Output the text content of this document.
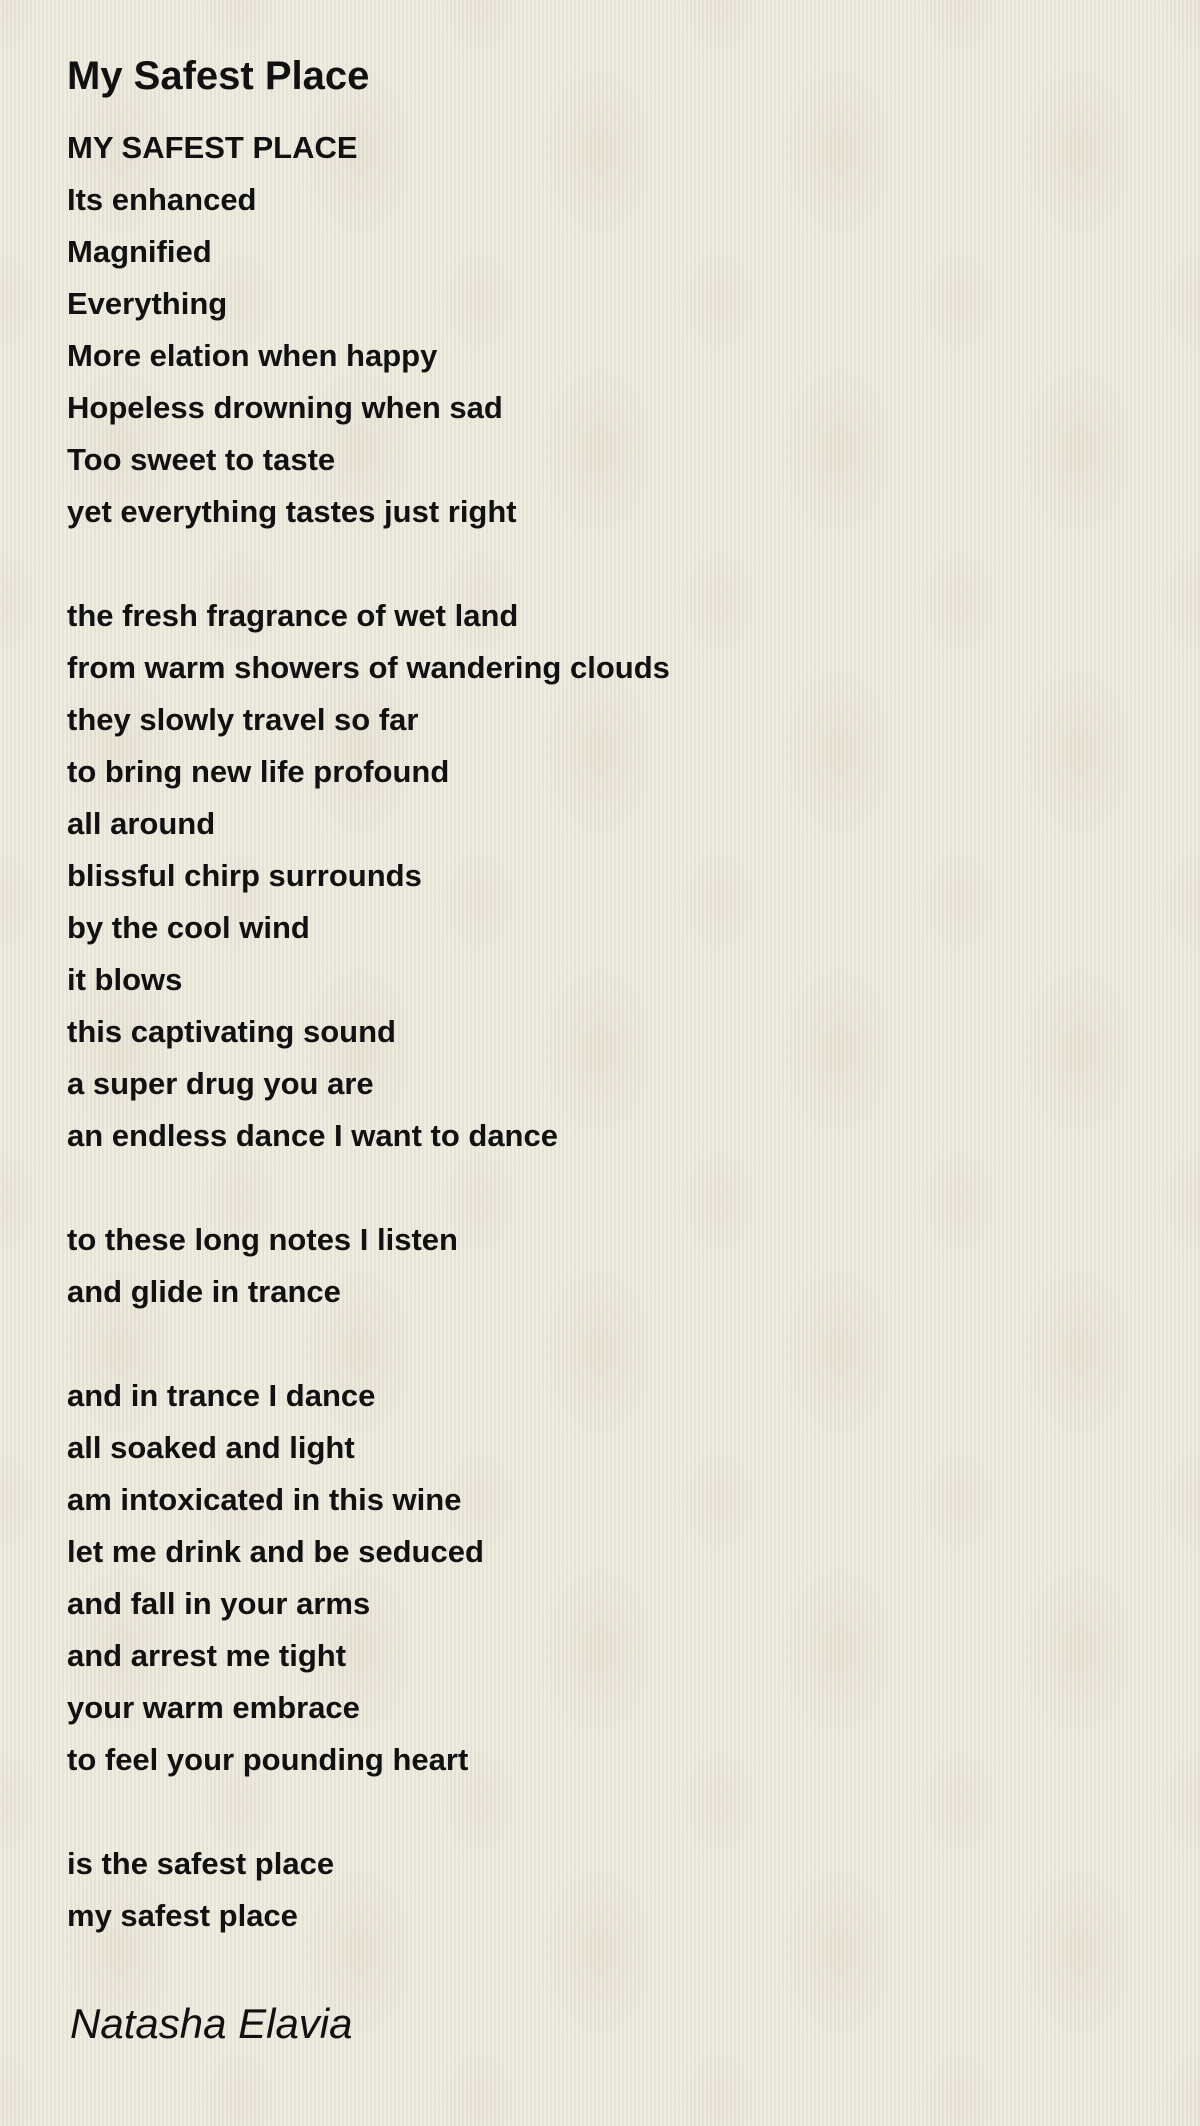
My Safest Place
MY SAFEST PLACE
Its enhanced
Magnified
Everything
More elation when happy
Hopeless drowning when sad
Too sweet to taste
yet everything tastes just right
the fresh fragrance of wet land
from warm showers of wandering clouds
they slowly travel so far
to bring new life profound
all around
blissful chirp surrounds
by the cool wind
it blows
this captivating sound
a super drug you are
an endless dance I want to dance
to these long notes I listen
and glide in trance
and in trance I dance
all soaked and light
am intoxicated in this wine
let me drink and be seduced
and fall in your arms
and arrest me tight
your warm embrace
to feel your pounding heart
is the safest place
my safest place
Natasha Elavia
